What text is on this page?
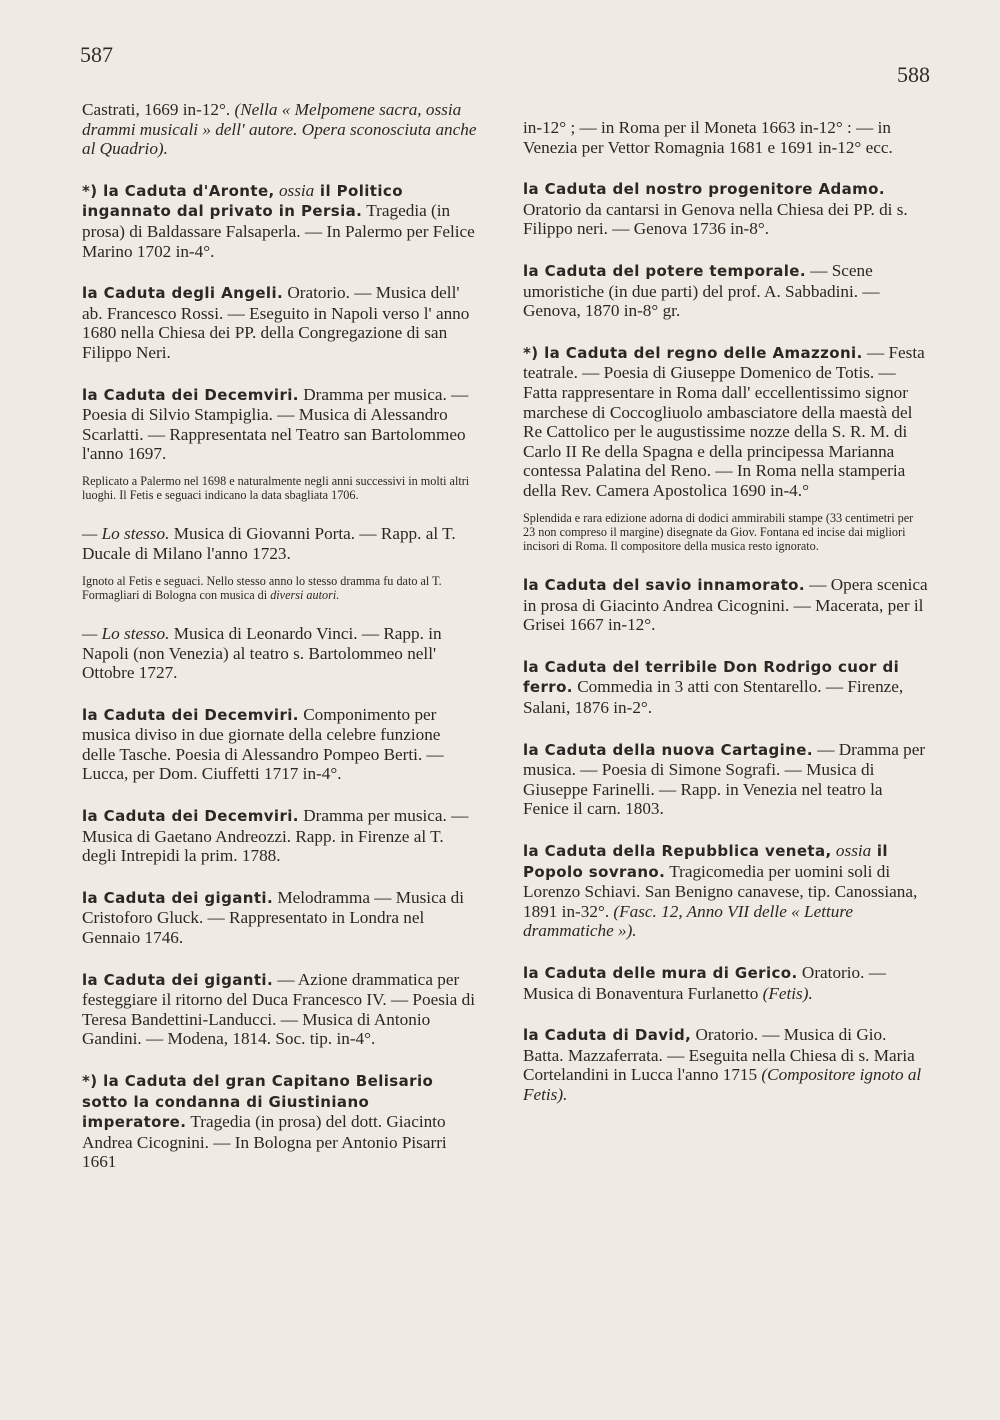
587
588
Castrati, 1669 in-12°. (Nella « Melpomene sacra, ossia drammi musicali » dell' autore. Opera sconosciuta anche al Quadrio).
*) la Caduta d'Aronte, ossia il Politico ingannato dal privato in Persia. Tragedia (in prosa) di Baldassare Falsaperla. — In Palermo per Felice Marino 1702 in-4°.
la Caduta degli Angeli. Oratorio. — Musica dell' ab. Francesco Rossi. — Eseguito in Napoli verso l' anno 1680 nella Chiesa dei PP. della Congregazione di san Filippo Neri.
la Caduta dei Decemviri. Dramma per musica. — Poesia di Silvio Stampiglia. — Musica di Alessandro Scarlatti. — Rappresentata nel Teatro san Bartolommeo l'anno 1697.
Replicato a Palermo nel 1698 e naturalmente negli anni successivi in molti altri luoghi. Il Fetis e seguaci indicano la data sbagliata 1706.
— Lo stesso. Musica di Giovanni Porta. — Rapp. al T. Ducale di Milano l'anno 1723.
Ignoto al Fetis e seguaci. Nello stesso anno lo stesso dramma fu dato al T. Formagliari di Bologna con musica di diversi autori.
— Lo stesso. Musica di Leonardo Vinci. — Rapp. in Napoli (non Venezia) al teatro s. Bartolommeo nell' Ottobre 1727.
la Caduta dei Decemviri. Componimento per musica diviso in due giornate della celebre funzione delle Tasche. Poesia di Alessandro Pompeo Berti. — Lucca, per Dom. Ciuffetti 1717 in-4°.
la Caduta dei Decemviri. Dramma per musica. — Musica di Gaetano Andreozzi. Rapp. in Firenze al T. degli Intrepidi la prim. 1788.
la Caduta dei giganti. Melodramma — Musica di Cristoforo Gluck. — Rappresentato in Londra nel Gennaio 1746.
la Caduta dei giganti. — Azione drammatica per festeggiare il ritorno del Duca Francesco IV. — Poesia di Teresa Bandettini-Landucci. — Musica di Antonio Gandini. — Modena, 1814. Soc. tip. in-4°.
*) la Caduta del gran Capitano Belisario sotto la condanna di Giustiniano imperatore. Tragedia (in prosa) del dott. Giacinto Andrea Cicognini. — In Bologna per Antonio Pisarri 1661
in-12° ; — in Roma per il Moneta 1663 in-12° : — in Venezia per Vettor Romagnia 1681 e 1691 in-12° ecc.
la Caduta del nostro progenitore Adamo. Oratorio da cantarsi in Genova nella Chiesa dei PP. di s. Filippo neri. — Genova 1736 in-8°.
la Caduta del potere temporale. — Scene umoristiche (in due parti) del prof. A. Sabbadini. — Genova, 1870 in-8° gr.
*) la Caduta del regno delle Amazzoni. — Festa teatrale. — Poesia di Giuseppe Domenico de Totis. — Fatta rappresentare in Roma dall' eccellentissimo signor marchese di Coccogliuolo ambasciatore della maestà del Re Cattolico per le augustissime nozze della S. R. M. di Carlo II Re della Spagna e della principessa Marianna contessa Palatina del Reno. — In Roma nella stamperia della Rev. Camera Apostolica 1690 in-4.°
Splendida e rara edizione adorna di dodici ammirabili stampe (33 centimetri per 23 non compreso il margine) disegnate da Giov. Fontana ed incise dai migliori incisori di Roma. Il compositore della musica resto ignorato.
la Caduta del savio innamorato. — Opera scenica in prosa di Giacinto Andrea Cicognini. — Macerata, per il Grisei 1667 in-12°.
la Caduta del terribile Don Rodrigo cuor di ferro. Commedia in 3 atti con Stentarello. — Firenze, Salani, 1876 in-2°.
la Caduta della nuova Cartagine. — Dramma per musica. — Poesia di Simone Sografi. — Musica di Giuseppe Farinelli. — Rapp. in Venezia nel teatro la Fenice il carn. 1803.
la Caduta della Repubblica veneta, ossia il Popolo sovrano. Tragicomedia per uomini soli di Lorenzo Schiavi. San Benigno canavese, tip. Canossiana, 1891 in-32°. (Fasc. 12, Anno VII delle « Letture drammatiche »).
la Caduta delle mura di Gerico. Oratorio. — Musica di Bonaventura Furlanetto (Fetis).
la Caduta di David, Oratorio. — Musica di Gio. Batta. Mazzaferrata. — Eseguita nella Chiesa di s. Maria Cortelandini in Lucca l'anno 1715 (Compositore ignoto al Fetis).
